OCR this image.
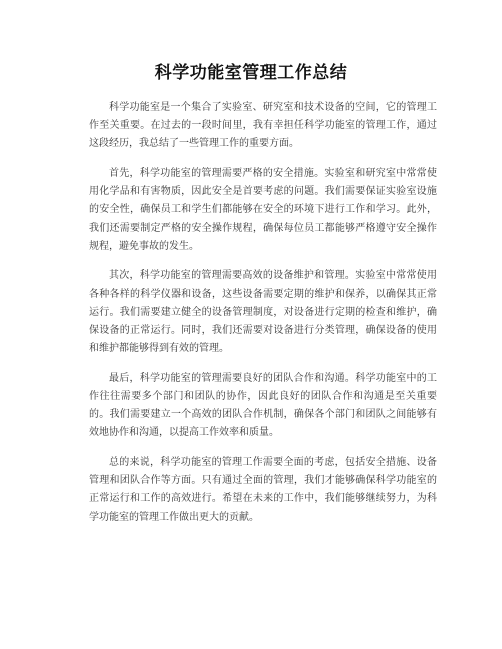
科学功能室管理工作总结

科学功能室是一个集合了实验室、研究室和技术设备的空间，它的管理工作至关重要。在过去的一段时间里，我有幸担任科学功能室的管理工作，通过这段经历，我总结了一些管理工作的重要方面。

首先，科学功能室的管理需要严格的安全措施。实验室和研究室中常常使用化学品和有害物质，因此安全是首要考虑的问题。我们需要保证实验室设施的安全性，确保员工和学生们都能够在安全的环境下进行工作和学习。此外，我们还需要制定严格的安全操作规程，确保每位员工都能够严格遵守安全操作规程，避免事故的发生。

其次，科学功能室的管理需要高效的设备维护和管理。实验室中常常使用各种各样的科学仪器和设备，这些设备需要定期的维护和保养，以确保其正常运行。我们需要建立健全的设备管理制度，对设备进行定期的检查和维护，确保设备的正常运行。同时，我们还需要对设备进行分类管理，确保设备的使用和维护都能够得到有效的管理。

最后，科学功能室的管理需要良好的团队合作和沟通。科学功能室中的工作往往需要多个部门和团队的协作，因此良好的团队合作和沟通是至关重要的。我们需要建立一个高效的团队合作机制，确保各个部门和团队之间能够有效地协作和沟通，以提高工作效率和质量。

总的来说，科学功能室的管理工作需要全面的考虑，包括安全措施、设备管理和团队合作等方面。只有通过全面的管理，我们才能够确保科学功能室的正常运行和工作的高效进行。希望在未来的工作中，我们能够继续努力，为科学功能室的管理工作做出更大的贡献。
